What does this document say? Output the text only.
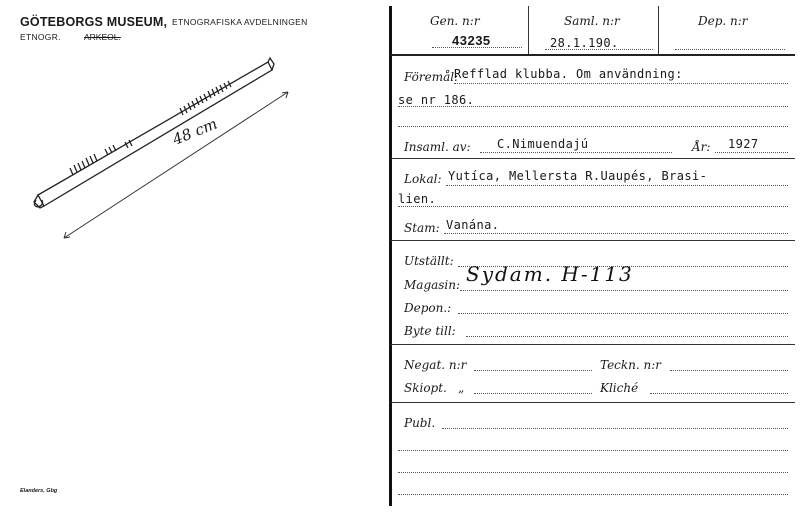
GÖTEBORGS MUSEUM, ETNOGRAFISKA AVDELNINGEN
ETNOGR.	ARKEOL.
48 cm
Elanders, Gbg
Gen. n:r
43235
Saml. n:r
28.1.190.
Dep. n:r
Föremål:
Refflad klubba. Om användning:
se nr 186.
Insaml. av: C.Nimuendajú	År: 1927
Lokal: Yutíca, Mellersta R.Uaupés, Brasi-
lien.
Stam: Vanána.
Utställt:
Magasin: Sydam. H-113
Depon.:
Byte till:
Negat. n:r	Teckn. n:r
Skiopt. „	Kliché
Publ.
